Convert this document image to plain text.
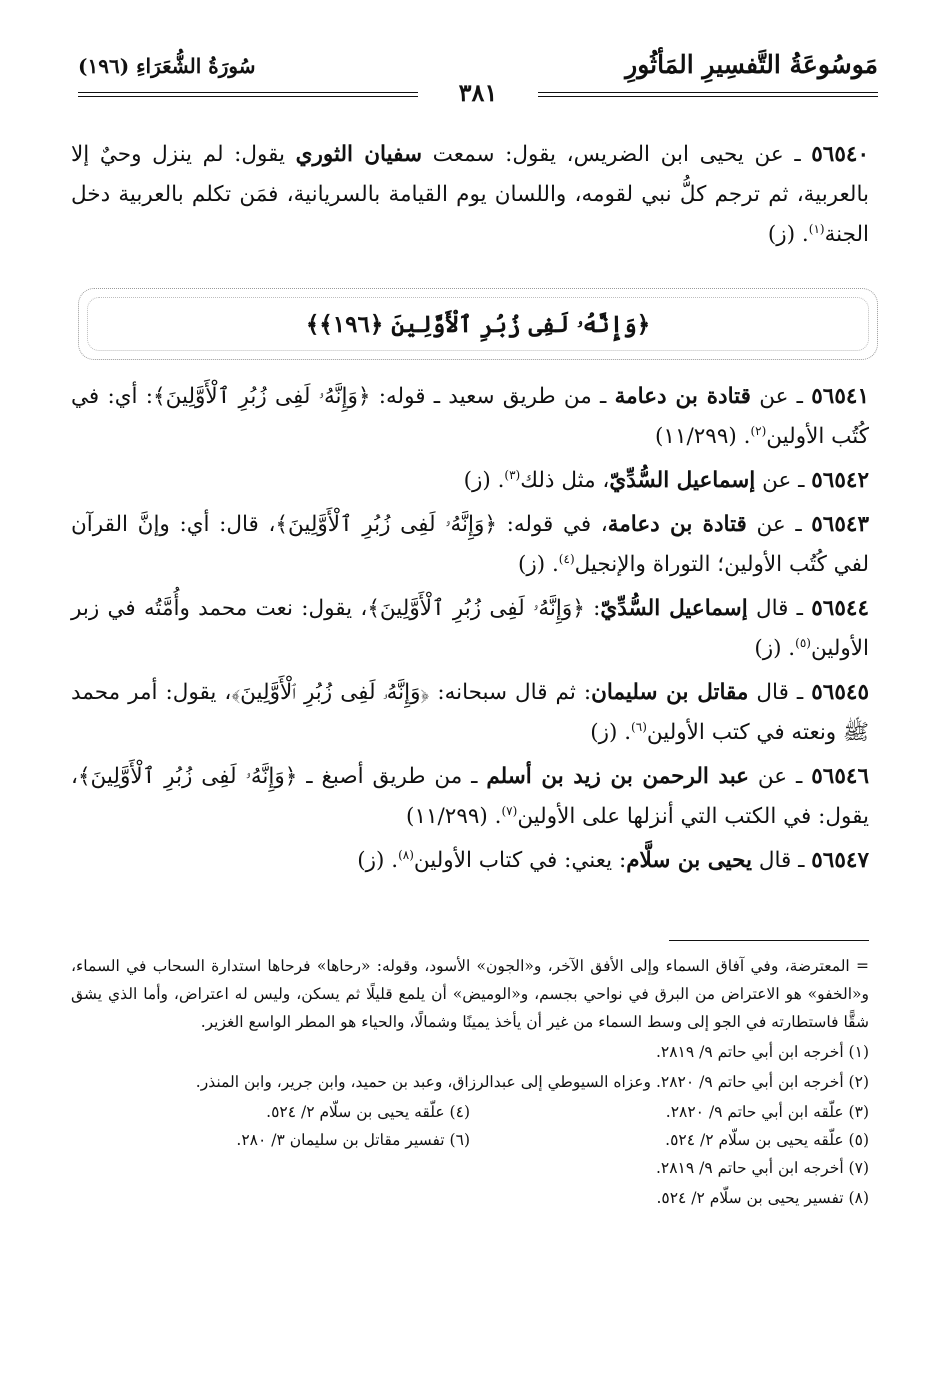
مَوسُوعَةُ التَّفسِيرِ المَأثُورِ
سُورَةُ الشُّعَرَاءِ (١٩٦)
٣٨١

٥٦٥٤٠ ـ عن يحيى ابن الضريس، يقول: سمعت سفيان الثوري يقول: لم ينزل وحيٌ إلا بالعربية، ثم ترجم كلُّ نبي لقومه، واللسان يوم القيامة بالسريانية، فمَن تكلم بالعربية دخل الجنة$^{(١)}$. (ز)

﴿وَإِنَّهُۥ لَفِى زُبُرِ ٱلْأَوَّلِينَ ﴿١٩٦﴾﴾

٥٦٥٤١ ـ عن قتادة بن دعامة ـ من طريق سعيد ـ قوله: ﴿وَإِنَّهُۥ لَفِى زُبُرِ ٱلْأَوَّلِينَ﴾: أي: في كُتُب الأولين$^{(٢)}$. (١١/٢٩٩)

٥٦٥٤٢ ـ عن إسماعيل السُّدِّيّ، مثل ذلك$^{(٣)}$. (ز)

٥٦٥٤٣ ـ عن قتادة بن دعامة، في قوله: ﴿وَإِنَّهُۥ لَفِى زُبُرِ ٱلْأَوَّلِينَ﴾، قال: أي: وإنَّ القرآن لفي كُتُب الأولين؛ التوراة والإنجيل$^{(٤)}$. (ز)

٥٦٥٤٤ ـ قال إسماعيل السُّدِّيّ: ﴿وَإِنَّهُۥ لَفِى زُبُرِ ٱلْأَوَّلِينَ﴾، يقول: نعت محمد وأُمَّتُه في زبر الأولين$^{(٥)}$. (ز)

٥٦٥٤٥ ـ قال مقاتل بن سليمان: ثم قال سبحانه: ﴿وَإِنَّهُۥ لَفِى زُبُرِ ٱلْأَوَّلِينَ﴾، يقول: أمر محمد ﷺ ونعته في كتب الأولين$^{(٦)}$. (ز)

٥٦٥٤٦ ـ عن عبد الرحمن بن زيد بن أسلم ـ من طريق أصبغ ـ ﴿وَإِنَّهُۥ لَفِى زُبُرِ ٱلْأَوَّلِينَ﴾، يقول: في الكتب التي أنزلها على الأولين$^{(٧)}$. (١١/٢٩٩)

٥٦٥٤٧ ـ قال يحيى بن سلَّام: يعني: في كتاب الأولين$^{(٨)}$. (ز)

= المعترضة، وفي آفاق السماء وإلى الأفق الآخر، و«الجون» الأسود، وقوله: «رحاها» فرحاها استدارة السحاب في السماء، و«الخفو» هو الاعتراض من البرق في نواحي بجسم، و«الوميض» أن يلمع قليلًا ثم يسكن، وليس له اعتراض، وأما الذي يشق شقًّا فاستطارته في الجو إلى وسط السماء من غير أن يأخذ يمينًا وشمالًا، والحياء هو المطر الواسع الغزير.

(١) أخرجه ابن أبي حاتم ٩/ ٢٨١٩.

(٢) أخرجه ابن أبي حاتم ٩/ ٢٨٢٠. وعزاه السيوطي إلى عبدالرزاق، وعبد بن حميد، وابن جرير، وابن المنذر.

(٣) علّقه ابن أبي حاتم ٩/ ٢٨٢٠.
(٤) علّقه يحيى بن سلّام ٢/ ٥٢٤.
(٥) علّقه يحيى بن سلّام ٢/ ٥٢٤.
(٦) تفسير مقاتل بن سليمان ٣/ ٢٨٠.

(٧) أخرجه ابن أبي حاتم ٩/ ٢٨١٩.

(٨) تفسير يحيى بن سلّام ٢/ ٥٢٤.
